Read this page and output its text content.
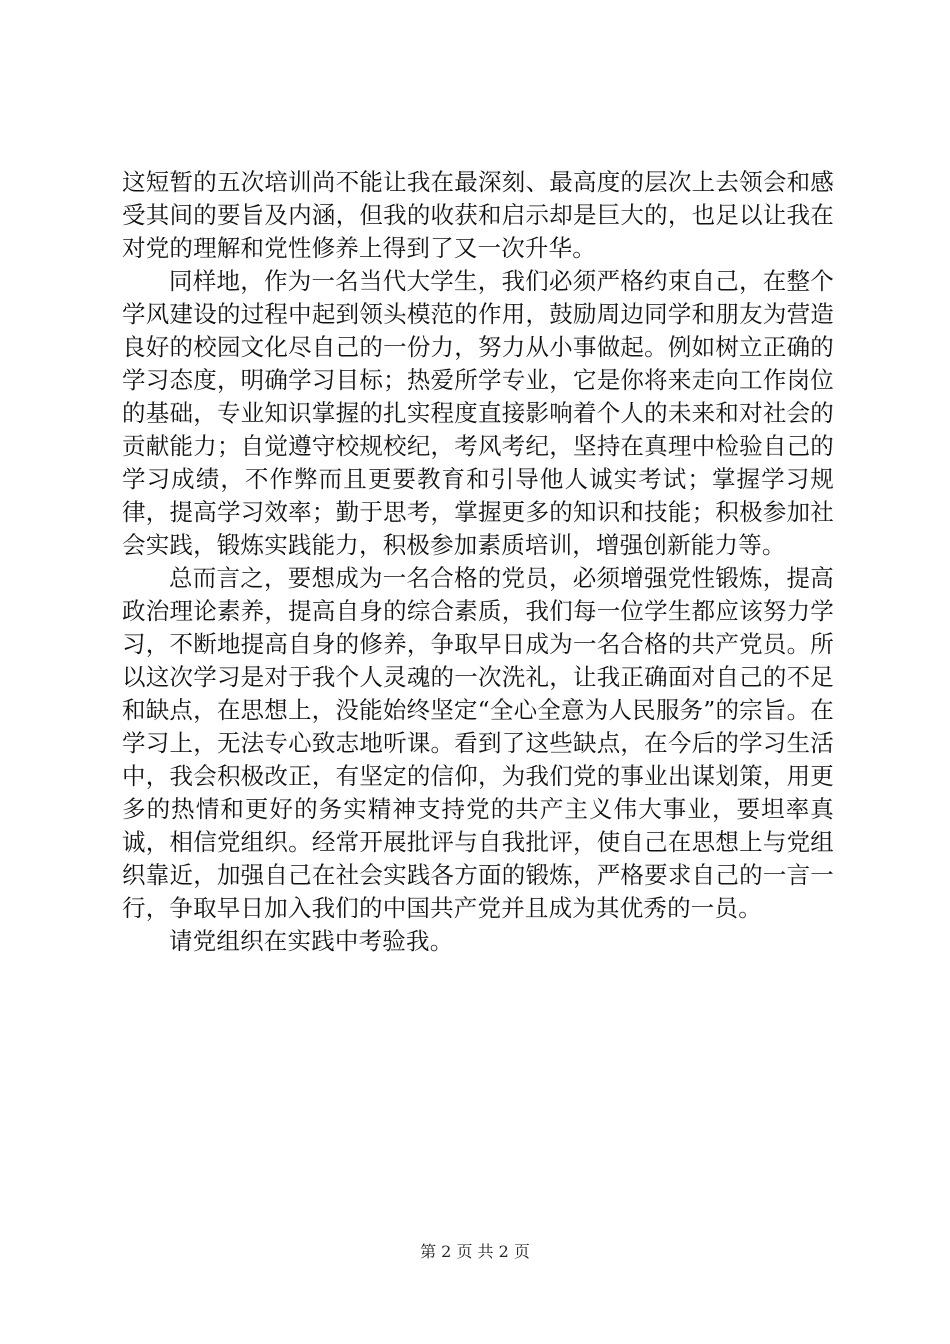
这短暂的五次培训尚不能让我在最深刻、最高度的层次上去领会和感受其间的要旨及内涵，但我的收获和启示却是巨大的，也足以让我在对党的理解和党性修养上得到了又一次升华。

同样地，作为一名当代大学生，我们必须严格约束自己，在整个学风建设的过程中起到领头模范的作用，鼓励周边同学和朋友为营造良好的校园文化尽自己的一份力，努力从小事做起。例如树立正确的学习态度，明确学习目标；热爱所学专业，它是你将来走向工作岗位的基础，专业知识掌握的扎实程度直接影响着个人的未来和对社会的贡献能力；自觉遵守校规校纪，考风考纪，坚持在真理中检验自己的学习成绩，不作弊而且更要教育和引导他人诚实考试；掌握学习规律，提高学习效率；勤于思考，掌握更多的知识和技能；积极参加社会实践，锻炼实践能力，积极参加素质培训，增强创新能力等。

总而言之，要想成为一名合格的党员，必须增强党性锻炼，提高政治理论素养，提高自身的综合素质，我们每一位学生都应该努力学习，不断地提高自身的修养，争取早日成为一名合格的共产党员。所以这次学习是对于我个人灵魂的一次洗礼，让我正确面对自己的不足和缺点，在思想上，没能始终坚定“全心全意为人民服务”的宗旨。在学习上，无法专心致志地听课。看到了这些缺点，在今后的学习生活中，我会积极改正，有坚定的信仰，为我们党的事业出谋划策，用更多的热情和更好的务实精神支持党的共产主义伟大事业，要坦率真诚，相信党组织。经常开展批评与自我批评，使自己在思想上与党组织靠近，加强自己在社会实践各方面的锻炼，严格要求自己的一言一行，争取早日加入我们的中国共产党并且成为其优秀的一员。

请党组织在实践中考验我。

第 2 页 共 2 页
